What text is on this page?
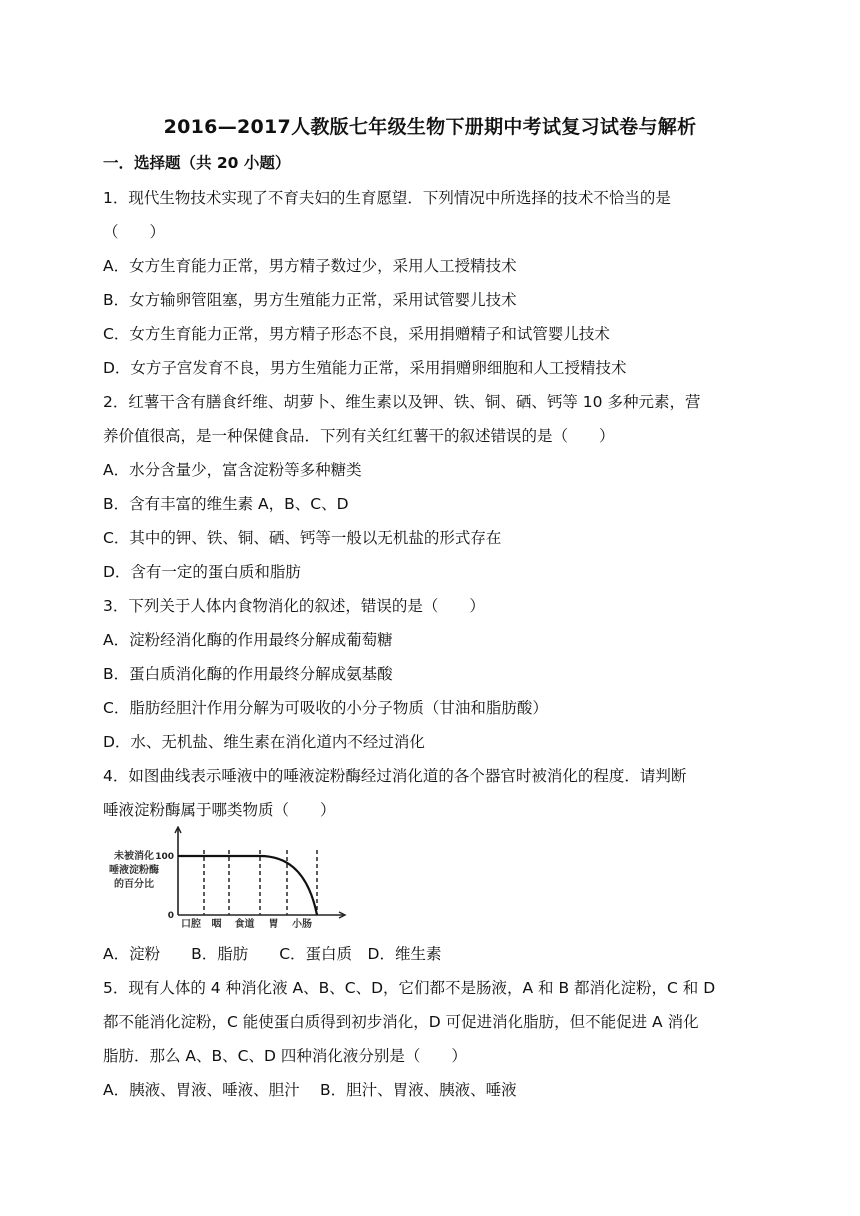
2016—2017人教版七年级生物下册期中考试复习试卷与解析
一．选择题（共 20 小题）
1．现代生物技术实现了不育夫妇的生育愿望．下列情况中所选择的技术不恰当的是
（　　）
A．女方生育能力正常，男方精子数过少，采用人工授精技术
B．女方输卵管阻塞，男方生殖能力正常，采用试管婴儿技术
C．女方生育能力正常，男方精子形态不良，采用捐赠精子和试管婴儿技术
D．女方子宫发育不良，男方生殖能力正常，采用捐赠卵细胞和人工授精技术
2．红薯干含有膳食纤维、胡萝卜、维生素以及钾、铁、铜、硒、钙等 10 多种元素，营
养价值很高，是一种保健食品．下列有关红红薯干的叙述错误的是（　　）
A．水分含量少，富含淀粉等多种糖类
B．含有丰富的维生素 A，B、C、D
C．其中的钾、铁、铜、硒、钙等一般以无机盐的形式存在
D．含有一定的蛋白质和脂肪
3．下列关于人体内食物消化的叙述，错误的是（　　）
A．淀粉经消化酶的作用最终分解成葡萄糖
B．蛋白质消化酶的作用最终分解成氨基酸
C．脂肪经胆汁作用分解为可吸收的小分子物质（甘油和脂肪酸）
D．水、无机盐、维生素在消化道内不经过消化
4．如图曲线表示唾液中的唾液淀粉酶经过消化道的各个器官时被消化的程度．请判断
唾液淀粉酶属于哪类物质（　　）
100
0
未被消化
唾液淀粉酶
的百分比
口腔 咽 食道 胃 小肠
A．淀粉　　B．脂肪　　C．蛋白质　D．维生素
5．现有人体的 4 种消化液 A、B、C、D，它们都不是肠液，A 和 B 都消化淀粉，C 和 D
都不能消化淀粉，C 能使蛋白质得到初步消化，D 可促进消化脂肪，但不能促进 A 消化
脂肪．那么 A、B、C、D 四种消化液分别是（　　）
A．胰液、胃液、唾液、胆汁　 B．胆汁、胃液、胰液、唾液
